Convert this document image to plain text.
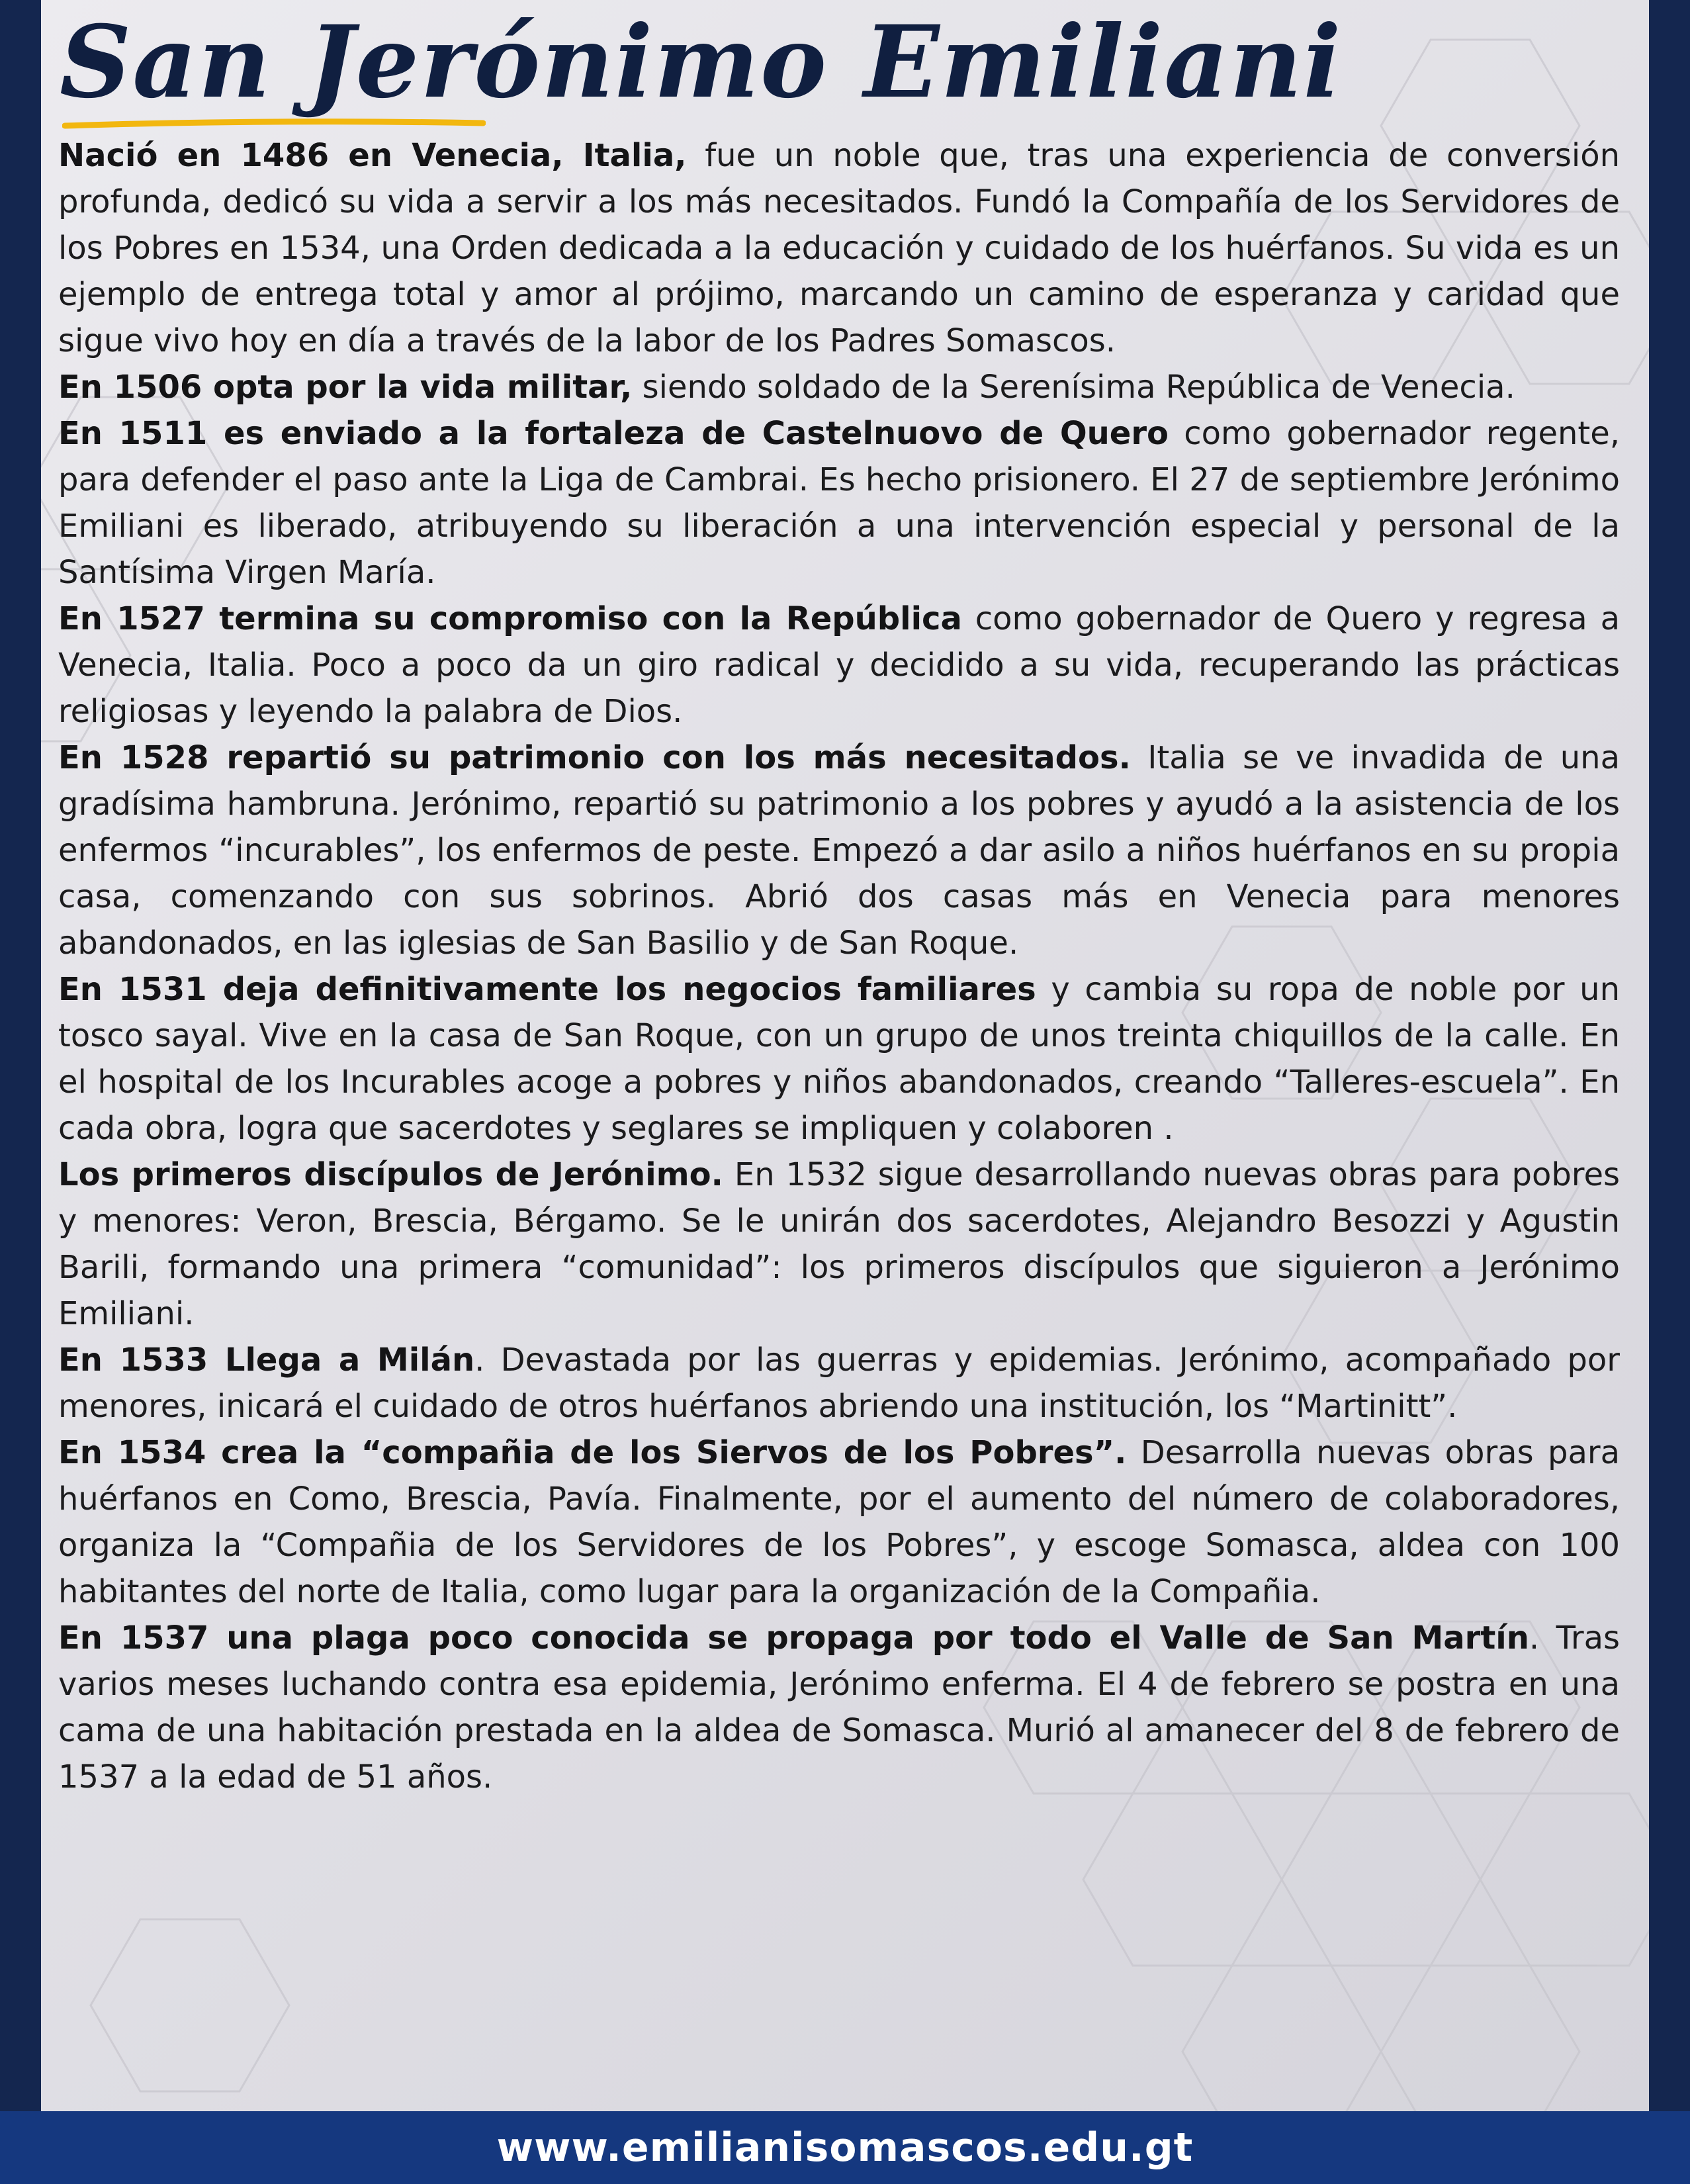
San Jerónimo Emiliani

Nació en 1486 en Venecia, Italia, fue un noble que, tras una experiencia de conversión profunda, dedicó su vida a servir a los más necesitados. Fundó la Compañía de los Servidores de los Pobres en 1534, una Orden dedicada a la educación y cuidado de los huérfanos. Su vida es un ejemplo de entrega total y amor al prójimo, marcando un camino de esperanza y caridad que sigue vivo hoy en día a través de la labor de los Padres Somascos.

En 1506 opta por la vida militar, siendo soldado de la Serenísima República de Venecia.

En 1511 es enviado a la fortaleza de Castelnuovo de Quero como gobernador regente, para defender el paso ante la Liga de Cambrai. Es hecho prisionero. El 27 de septiembre Jerónimo Emiliani es liberado, atribuyendo su liberación a una intervención especial y personal de la Santísima Virgen María.

En 1527 termina su compromiso con la República como gobernador de Quero y regresa a Venecia, Italia. Poco a poco da un giro radical y decidido a su vida, recuperando las prácticas religiosas y leyendo la palabra de Dios.

En 1528 repartió su patrimonio con los más necesitados. Italia se ve invadida de una gradísima hambruna. Jerónimo, repartió su patrimonio a los pobres y ayudó a la asistencia de los enfermos “incurables”, los enfermos de peste. Empezó a dar asilo a niños huérfanos en su propia casa, comenzando con sus sobrinos. Abrió dos casas más en Venecia para menores abandonados, en las iglesias de San Basilio y de San Roque.

En 1531 deja definitivamente los negocios familiares y cambia su ropa de noble por un tosco sayal. Vive en la casa de San Roque, con un grupo de unos treinta chiquillos de la calle. En el hospital de los Incurables acoge a pobres y niños abandonados, creando “Talleres-escuela”. En cada obra, logra que sacerdotes y seglares se impliquen y colaboren .

Los primeros discípulos de Jerónimo. En 1532 sigue desarrollando nuevas obras para pobres y menores: Veron, Brescia, Bérgamo. Se le unirán dos sacerdotes, Alejandro Besozzi y Agustin Barili, formando una primera “comunidad”: los primeros discípulos que siguieron a Jerónimo Emiliani.

En 1533 Llega a Milán. Devastada por las guerras y epidemias. Jerónimo, acompañado por menores, inicará el cuidado de otros huérfanos abriendo una institución, los “Martinitt”.

En 1534 crea la “compañia de los Siervos de los Pobres”. Desarrolla nuevas obras para huérfanos en Como, Brescia, Pavía. Finalmente, por el aumento del número de colaboradores, organiza la “Compañia de los Servidores de los Pobres”, y escoge Somasca, aldea con 100 habitantes del norte de Italia, como lugar para la organización de la Compañia.

En 1537 una plaga poco conocida se propaga por todo el Valle de San Martín. Tras varios meses luchando contra esa epidemia, Jerónimo enferma. El 4 de febrero se postra en una cama de una habitación prestada en la aldea de Somasca. Murió al amanecer del 8 de febrero de 1537 a la edad de 51 años.

www.emilianisomascos.edu.gt
